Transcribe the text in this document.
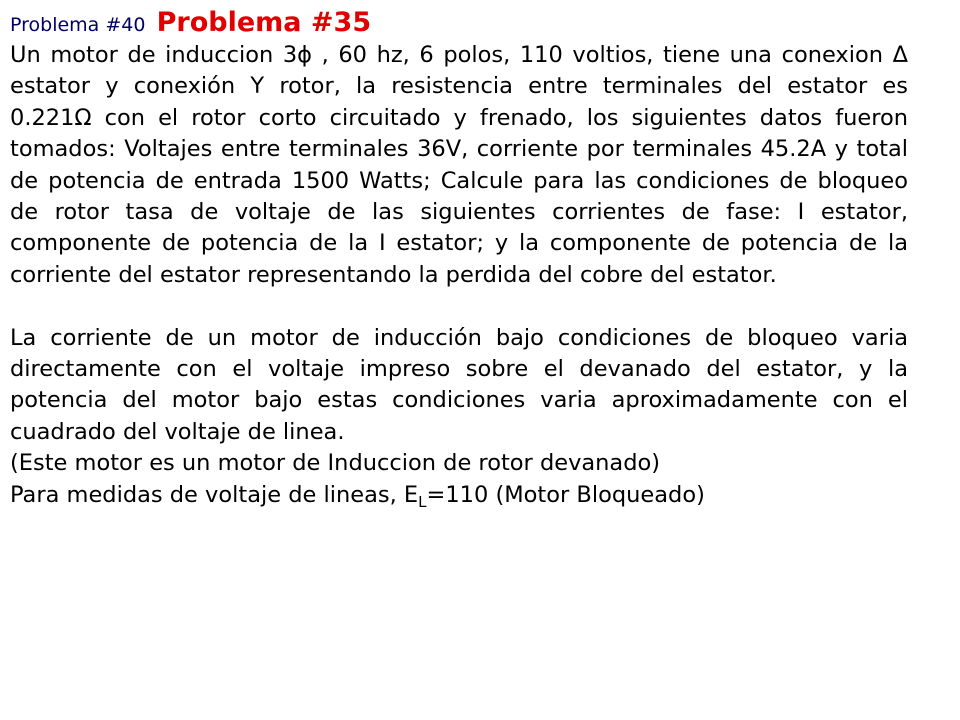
Problema #40 Problema #35

Un motor de induccion 3ϕ , 60 hz, 6 polos, 110 voltios, tiene una conexion Δ estator y conexión Υ rotor, la resistencia entre terminales del estator es 0.221Ω con el rotor corto circuitado y frenado, los siguientes datos fueron tomados: Voltajes entre terminales 36V, corriente por terminales 45.2A y total de potencia de entrada 1500 Watts; Calcule para las condiciones de bloqueo de rotor tasa de voltaje de las siguientes corrientes de fase: I estator, componente de potencia de la I estator; y la componente de potencia de la corriente del estator representando la perdida del cobre del estator.

La corriente de un motor de inducción bajo condiciones de bloqueo varia directamente con el voltaje impreso sobre el devanado del estator, y la potencia del motor bajo estas condiciones varia aproximadamente con el cuadrado del voltaje de linea.

(Este motor es un motor de Induccion de rotor devanado)

Para medidas de voltaje de lineas, $E_L=110$ (Motor Bloqueado)
